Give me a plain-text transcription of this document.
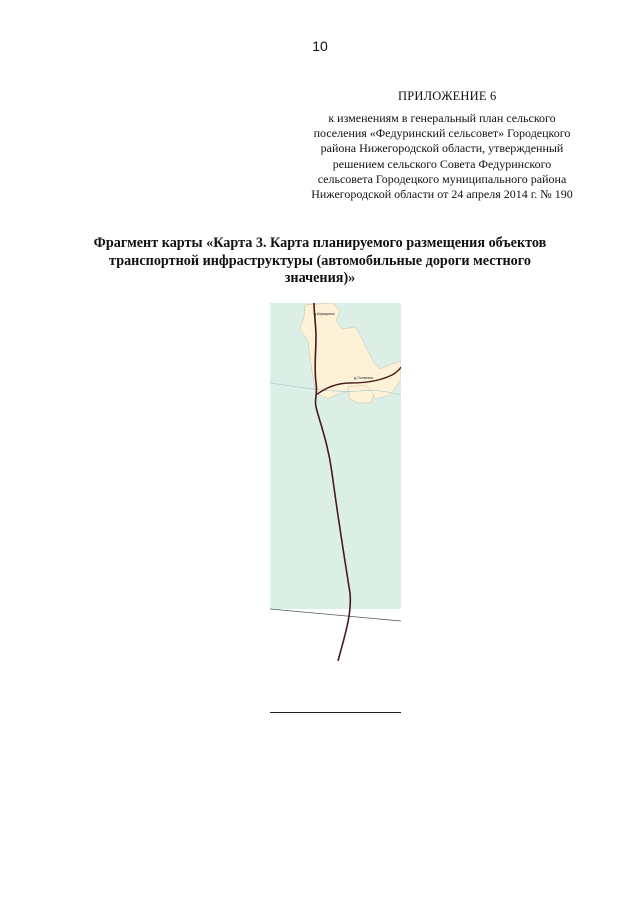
10
ПРИЛОЖЕНИЕ 6
к изменениям в генеральный план сельского
поселения «Федуринский сельсовет» Городецкого
района Нижегородской области, утвержденный
решением сельского Совета Федуринского
сельсовета Городецкого муниципального района
Нижегородской области от 24 апреля 2014 г. № 190
Фрагмент карты «Карта 3. Карта планируемого размещения объектов
транспортной инфраструктуры (автомобильные дороги местного
значения)»
д.Шумарино
д.Останино
